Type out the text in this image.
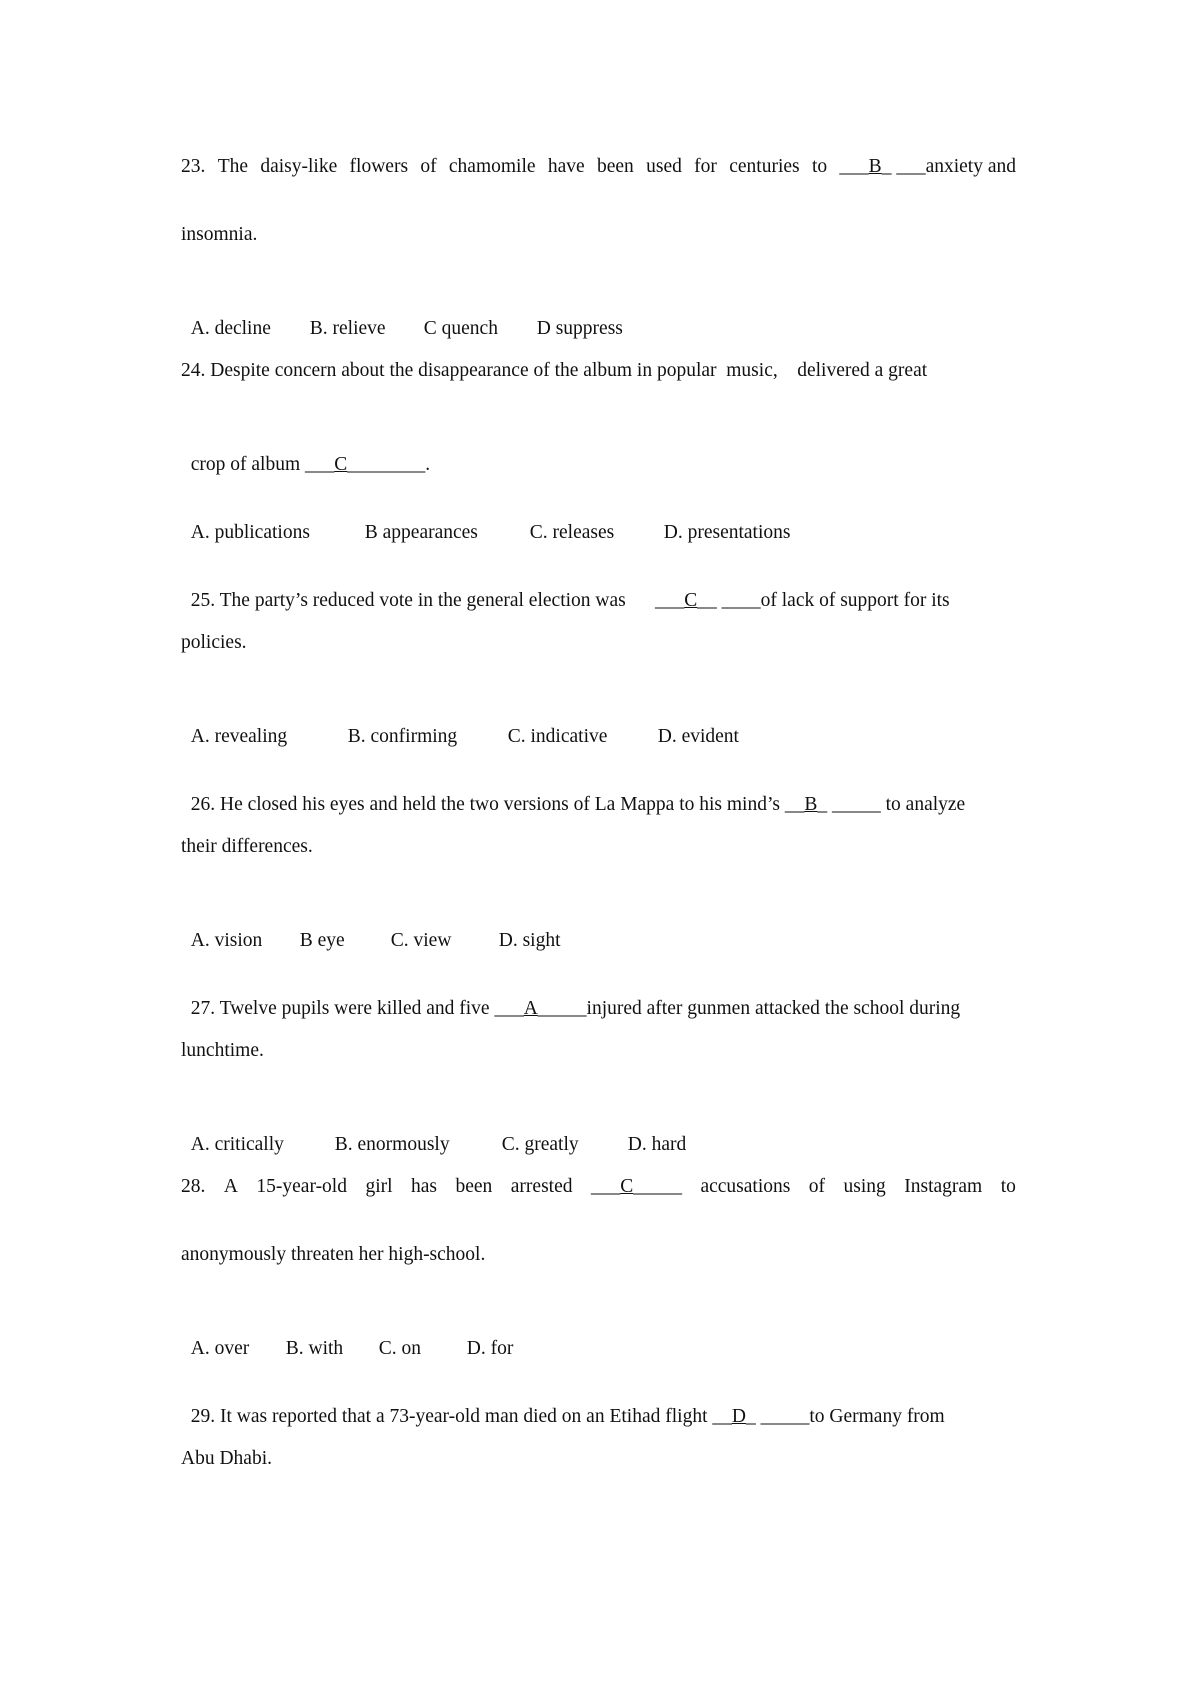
23. The daisy-like flowers of chamomile have been used for centuries to ___B_ ___anxiety and
insomnia.

A. decline B. relieve C quench D suppress

24. Despite concern about the disappearance of the album in popular  music,    delivered a great

crop of album ___C________.

A. publications	B appearances	C. releases	D. presentations

25. The party’s reduced vote in the general election was      ___C__ ____of lack of support for its

policies.

A. revealing	B. confirming	C. indicative	D. evident

26. He closed his eyes and held the two versions of La Mappa to his mind’s __B_ _____ to analyze

their differences.

A. vision B eye C. view D. sight

27. Twelve pupils were killed and five ___A_____injured after gunmen attacked the school during

lunchtime.

A. critically	B. enormously	C. greatly	D. hard

28. A 15-year-old girl has been arrested ___C_____ accusations of using Instagram to
anonymously threaten her high-school.

A. over B. with C. on D. for

29. It was reported that a 73-year-old man died on an Etihad flight __D_ _____to Germany from

Abu Dhabi.
